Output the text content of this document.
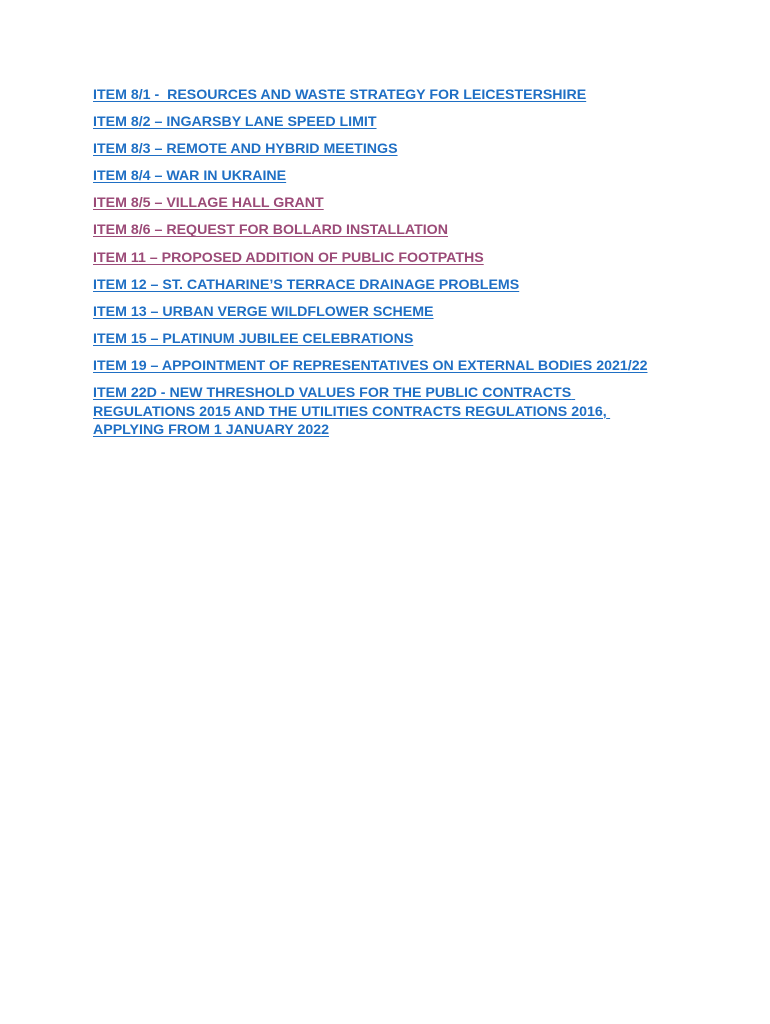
ITEM 8/1 -  RESOURCES AND WASTE STRATEGY FOR LEICESTERSHIRE
ITEM 8/2 – INGARSBY LANE SPEED LIMIT
ITEM 8/3 – REMOTE AND HYBRID MEETINGS
ITEM 8/4 – WAR IN UKRAINE
ITEM 8/5 – VILLAGE HALL GRANT
ITEM 8/6 – REQUEST FOR BOLLARD INSTALLATION
ITEM 11 – PROPOSED ADDITION OF PUBLIC FOOTPATHS
ITEM 12 – ST. CATHARINE’S TERRACE DRAINAGE PROBLEMS
ITEM 13 – URBAN VERGE WILDFLOWER SCHEME
ITEM 15 – PLATINUM JUBILEE CELEBRATIONS
ITEM 19 – APPOINTMENT OF REPRESENTATIVES ON EXTERNAL BODIES 2021/22
ITEM 22D - NEW THRESHOLD VALUES FOR THE PUBLIC CONTRACTS REGULATIONS 2015 AND THE UTILITIES CONTRACTS REGULATIONS 2016, APPLYING FROM 1 JANUARY 2022
